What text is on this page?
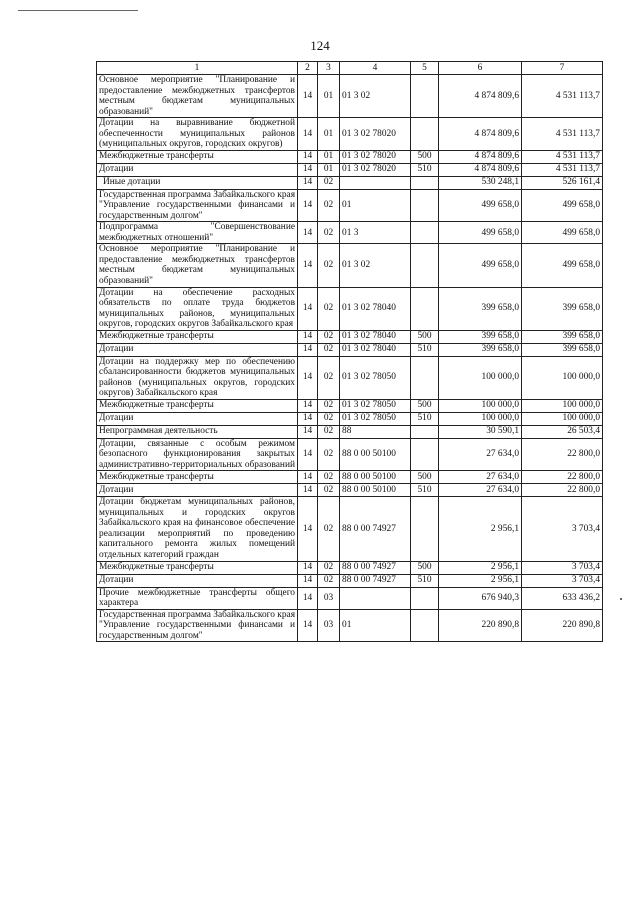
124
1	2	3	4	5	6	7
Основное мероприятие "Планирование и предоставление межбюджетных трансфертов местным бюджетам муниципальных образований"	14	01	01 3 02		4 874 809,6	4 531 113,7
Дотации на выравнивание бюджетной обеспеченности муниципальных районов (муниципальных округов, городских округов)	14	01	01 3 02 78020		4 874 809,6	4 531 113,7
Межбюджетные трансферты	14	01	01 3 02 78020	500	4 874 809,6	4 531 113,7
Дотации	14	01	01 3 02 78020	510	4 874 809,6	4 531 113,7
Иные дотации	14	02			530 248,1	526 161,4
Государственная программа Забайкальского края "Управление государственными финансами и государственным долгом"	14	02	01		499 658,0	499 658,0
Подпрограмма "Совершенствование межбюджетных отношений"	14	02	01 3		499 658,0	499 658,0
Основное мероприятие "Планирование и предоставление межбюджетных трансфертов местным бюджетам муниципальных образований"	14	02	01 3 02		499 658,0	499 658,0
Дотации на обеспечение расходных обязательств по оплате труда бюджетов муниципальных районов, муниципальных округов, городских округов Забайкальского края	14	02	01 3 02 78040		399 658,0	399 658,0
Межбюджетные трансферты	14	02	01 3 02 78040	500	399 658,0	399 658,0
Дотации	14	02	01 3 02 78040	510	399 658,0	399 658,0
Дотации на поддержку мер по обеспечению сбалансированности бюджетов муниципальных районов (муниципальных округов, городских округов) Забайкальского края	14	02	01 3 02 78050		100 000,0	100 000,0
Межбюджетные трансферты	14	02	01 3 02 78050	500	100 000,0	100 000,0
Дотации	14	02	01 3 02 78050	510	100 000,0	100 000,0
Непрограммная деятельность	14	02	88		30 590,1	26 503,4
Дотации, связанные с особым режимом безопасного функционирования закрытых административно-территориальных образований	14	02	88 0 00 50100		27 634,0	22 800,0
Межбюджетные трансферты	14	02	88 0 00 50100	500	27 634,0	22 800,0
Дотации	14	02	88 0 00 50100	510	27 634,0	22 800,0
Дотации бюджетам муниципальных районов, муниципальных и городских округов Забайкальского края на финансовое обеспечение реализации мероприятий по проведению капитального ремонта жилых помещений отдельных категорий граждан	14	02	88 0 00 74927		2 956,1	3 703,4
Межбюджетные трансферты	14	02	88 0 00 74927	500	2 956,1	3 703,4
Дотации	14	02	88 0 00 74927	510	2 956,1	3 703,4
Прочие межбюджетные трансферты общего характера	14	03			676 940,3	633 436,2
Государственная программа Забайкальского края "Управление государственными финансами и государственным долгом"	14	03	01		220 890,8	220 890,8
